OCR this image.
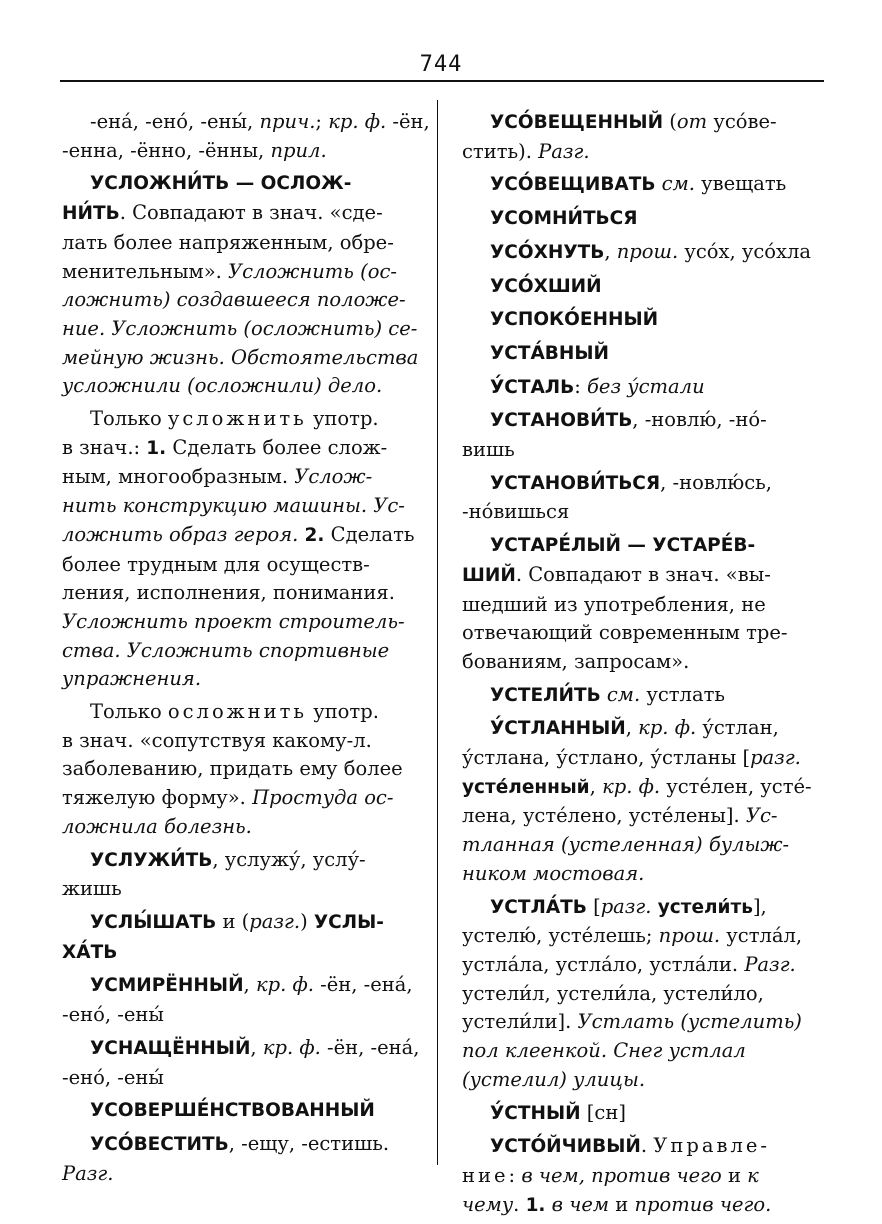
744
-ена́, -ено́, -ены́, прич.; кр. ф. -ён,
-енна, -ённо, -ённы, прил.
УСЛОЖНИ́ТЬ — ОСЛОЖ-
НИ́ТЬ. Совпадают в знач. «сде-
лать более напряженным, обре-
менительным». Усложнить (ос-
ложнить) создавшееся положе-
ние. Усложнить (осложнить) се-
мейную жизнь. Обстоятельства
усложнили (осложнили) дело.
Только усложнить употр.
в знач.: 1. Сделать более слож-
ным, многообразным. Услож-
нить конструкцию машины. Ус-
ложнить образ героя. 2. Сделать
более трудным для осуществ-
ления, исполнения, понимания.
Усложнить проект строитель-
ства. Усложнить спортивные
упражнения.
Только осложнить употр.
в знач. «сопутствуя какому-л.
заболеванию, придать ему более
тяжелую форму». Простуда ос-
ложнила болезнь.
УСЛУЖИ́ТЬ, услужу́, услу́-
жишь
УСЛЫ́ШАТЬ и (разг.) УСЛЫ-
ХА́ТЬ
УСМИРЁННЫЙ, кр. ф. -ён, -ена́,
-ено́, -ены́
УСНАЩЁННЫЙ, кр. ф. -ён, -ена́,
-ено́, -ены́
УСОВЕРШЕ́НСТВОВАННЫЙ
УСО́ВЕСТИТЬ, -ещу, -естишь.
Разг.
УСО́ВЕЩЕННЫЙ (от усо́ве-
стить). Разг.
УСО́ВЕЩИВАТЬ см. увещать
УСОМНИ́ТЬСЯ
УСО́ХНУТЬ, прош. усо́х, усо́хла
УСО́ХШИЙ
УСПОКО́ЕННЫЙ
УСТА́ВНЫЙ
У́СТАЛЬ: без у́стали
УСТАНОВИ́ТЬ, -новлю́, -но́-
вишь
УСТАНОВИ́ТЬСЯ, -новлю́сь,
-но́вишься
УСТАРЕ́ЛЫЙ — УСТАРЕ́В-
ШИЙ. Совпадают в знач. «вы-
шедший из употребления, не
отвечающий современным тре-
бованиям, запросам».
УСТЕЛИ́ТЬ см. устлать
У́СТЛАННЫЙ, кр. ф. у́стлан,
у́стлана, у́стлано, у́стланы [разг.
усте́ленный, кр. ф. усте́лен, усте́-
лена, усте́лено, усте́лены]. Ус-
тланная (устеленная) булыж-
ником мостовая.
УСТЛА́ТЬ [разг. устели́ть],
устелю́, усте́лешь; прош. устла́л,
устла́ла, устла́ло, устла́ли. Разг.
устели́л, устели́ла, устели́ло,
устели́ли]. Устлать (устелить)
пол клеенкой. Снег устлал
(устелил) улицы.
У́СТНЫЙ [сн]
УСТО́ЙЧИВЫЙ. Управле-
ние: в чем, против чего и к
чему. 1. в чем и против чего.
